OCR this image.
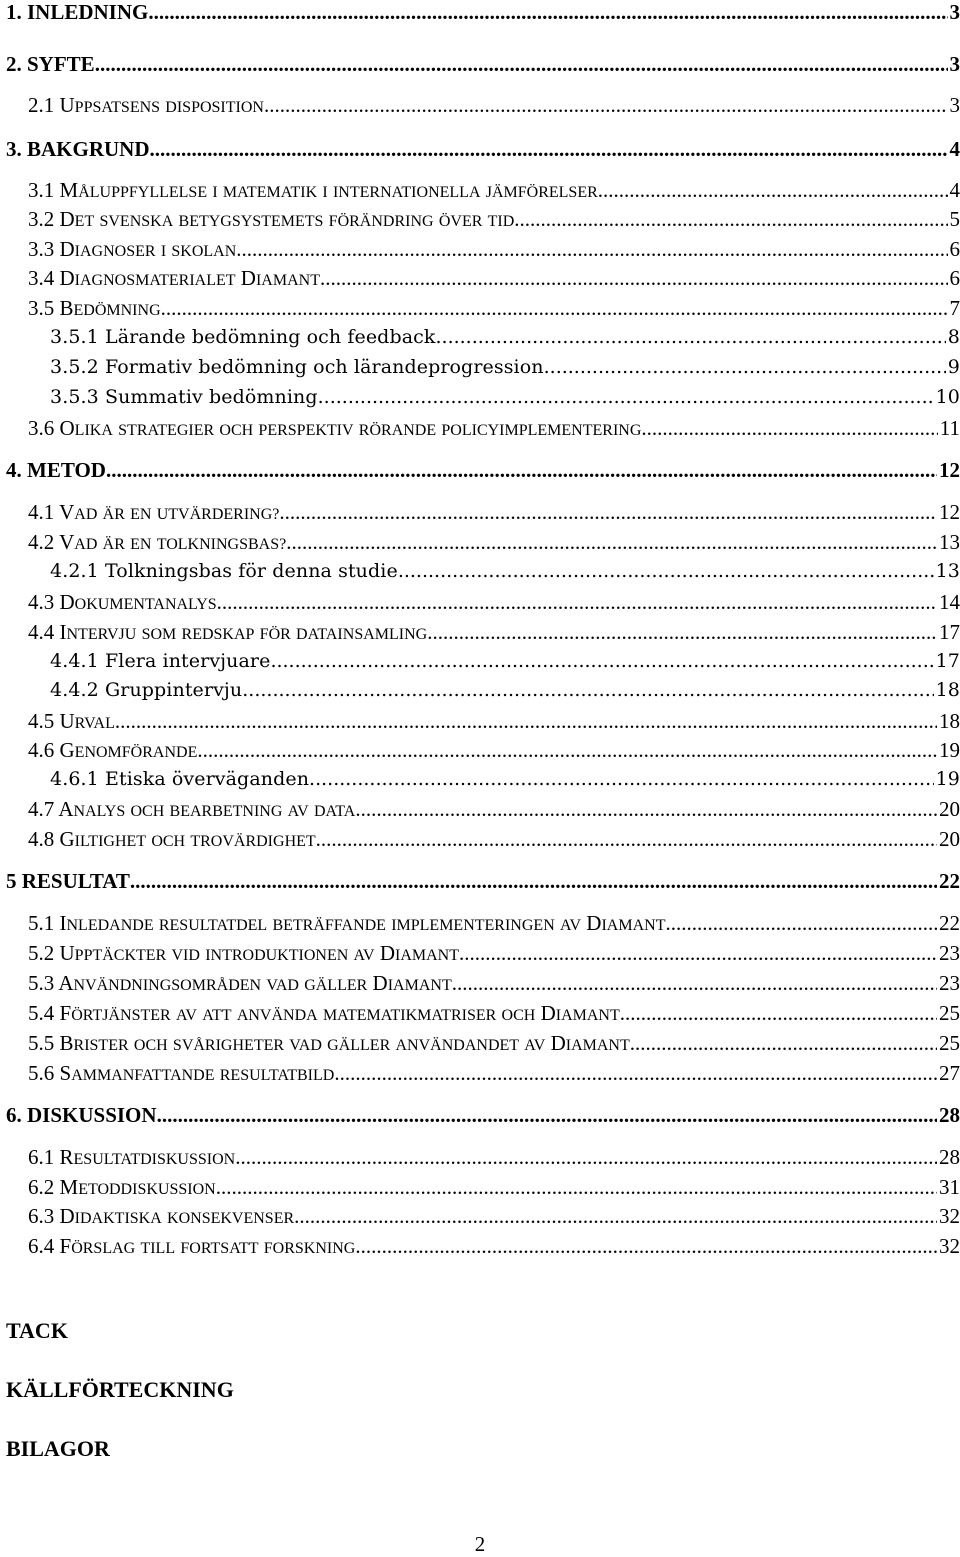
1. INLEDNING .....	3
2. SYFTE .....	3
2.1 UPPSATSENS DISPOSITION .....	3
3. BAKGRUND .....	4
3.1 MÅLUPPFYLLELSE I MATEMATIK I INTERNATIONELLA JÄMFÖRELSER .....	4
3.2 DET SVENSKA BETYGSYSTEMETS FÖRÄNDRING ÖVER TID .....	5
3.3 DIAGNOSER I SKOLAN .....	6
3.4 DIAGNOSMATERIALET DIAMANT .....	6
3.5 BEDÖMNING .....	7
3.5.1 Lärande bedömning och feedback .....	8
3.5.2 Formativ bedömning och lärandeprogression .....	9
3.5.3 Summativ bedömning .....	10
3.6 OLIKA STRATEGIER OCH PERSPEKTIV RÖRANDE POLICYIMPLEMENTERING .....	11
4. METOD .....	12
4.1 VAD ÄR EN UTVÄRDERING? .....	12
4.2 VAD ÄR EN TOLKNINGSBAS? .....	13
4.2.1 Tolkningsbas för denna studie .....	13
4.3 DOKUMENTANALYS .....	14
4.4 INTERVJU SOM REDSKAP FÖR DATAINSAMLING .....	17
4.4.1 Flera intervjuare .....	17
4.4.2 Gruppintervju .....	18
4.5 URVAL .....	18
4.6 GENOMFÖRANDE .....	19
4.6.1 Etiska överväganden .....	19
4.7 ANALYS OCH BEARBETNING AV DATA .....	20
4.8 GILTIGHET OCH TROVÄRDIGHET .....	20
5 RESULTAT .....	22
5.1 INLEDANDE RESULTATDEL BETRÄFFANDE IMPLEMENTERINGEN AV DIAMANT .....	22
5.2 UPPTÄCKTER VID INTRODUKTIONEN AV DIAMANT .....	23
5.3 ANVÄNDNINGSOMRÅDEN VAD GÄLLER DIAMANT .....	23
5.4 FÖRTJÄNSTER AV ATT ANVÄNDA MATEMATIKMATRISER OCH DIAMANT .....	25
5.5 BRISTER OCH SVÅRIGHETER VAD GÄLLER ANVÄNDANDET AV DIAMANT .....	25
5.6 SAMMANFATTANDE RESULTATBILD .....	27
6. DISKUSSION .....	28
6.1 RESULTATDISKUSSION .....	28
6.2 METODDISKUSSION .....	31
6.3 DIDAKTISKA KONSEKVENSER .....	32
6.4 FÖRSLAG TILL FORTSATT FORSKNING .....	32
TACK
KÄLLFÖRTECKNING
BILAGOR
2
